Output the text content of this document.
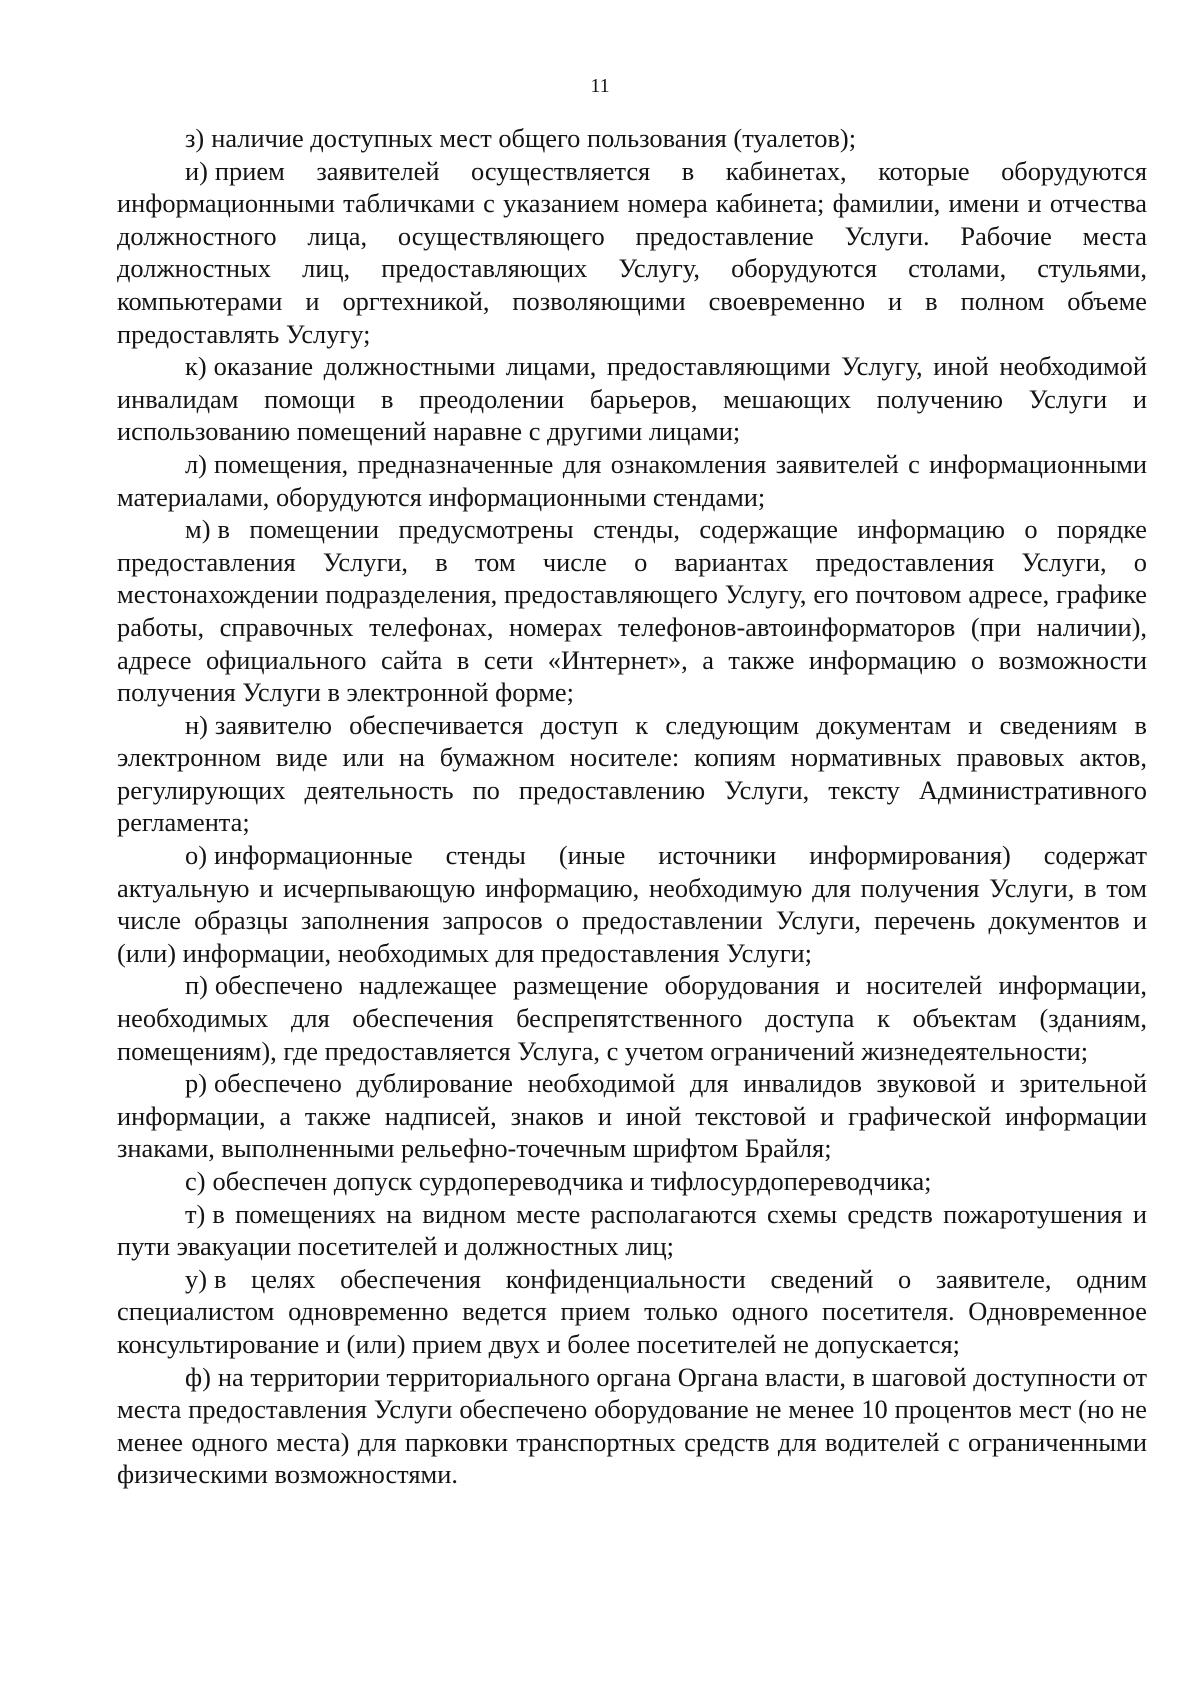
11

з) наличие доступных мест общего пользования (туалетов);

и) прием заявителей осуществляется в кабинетах, которые оборудуются информационными табличками с указанием номера кабинета; фамилии, имени и отчества должностного лица, осуществляющего предоставление Услуги. Рабочие места должностных лиц, предоставляющих Услугу, оборудуются столами, стульями, компьютерами и оргтехникой, позволяющими своевременно и в полном объеме предоставлять Услугу;

к) оказание должностными лицами, предоставляющими Услугу, иной необходимой инвалидам помощи в преодолении барьеров, мешающих получению Услуги и использованию помещений наравне с другими лицами;

л) помещения, предназначенные для ознакомления заявителей с информационными материалами, оборудуются информационными стендами;

м) в помещении предусмотрены стенды, содержащие информацию о порядке предоставления Услуги, в том числе о вариантах предоставления Услуги, о местонахождении подразделения, предоставляющего Услугу, его почтовом адресе, графике работы, справочных телефонах, номерах телефонов-автоинформаторов (при наличии), адресе официального сайта в сети «Интернет», а также информацию о возможности получения Услуги в электронной форме;

н) заявителю обеспечивается доступ к следующим документам и сведениям в электронном виде или на бумажном носителе: копиям нормативных правовых актов, регулирующих деятельность по предоставлению Услуги, тексту Административного регламента;

о) информационные стенды (иные источники информирования) содержат актуальную и исчерпывающую информацию, необходимую для получения Услуги, в том числе образцы заполнения запросов о предоставлении Услуги, перечень документов и (или) информации, необходимых для предоставления Услуги;

п) обеспечено надлежащее размещение оборудования и носителей информации, необходимых для обеспечения беспрепятственного доступа к объектам (зданиям, помещениям), где предоставляется Услуга, с учетом ограничений жизнедеятельности;

р) обеспечено дублирование необходимой для инвалидов звуковой и зрительной информации, а также надписей, знаков и иной текстовой и графической информации знаками, выполненными рельефно-точечным шрифтом Брайля;

с) обеспечен допуск сурдопереводчика и тифлосурдопереводчика;

т) в помещениях на видном месте располагаются схемы средств пожаротушения и пути эвакуации посетителей и должностных лиц;

у) в целях обеспечения конфиденциальности сведений о заявителе, одним специалистом одновременно ведется прием только одного посетителя. Одновременное консультирование и (или) прием двух и более посетителей не допускается;

ф) на территории территориального органа Органа власти, в шаговой доступности от места предоставления Услуги обеспечено оборудование не менее 10 процентов мест (но не менее одного места) для парковки транспортных средств для водителей с ограниченными физическими возможностями.
